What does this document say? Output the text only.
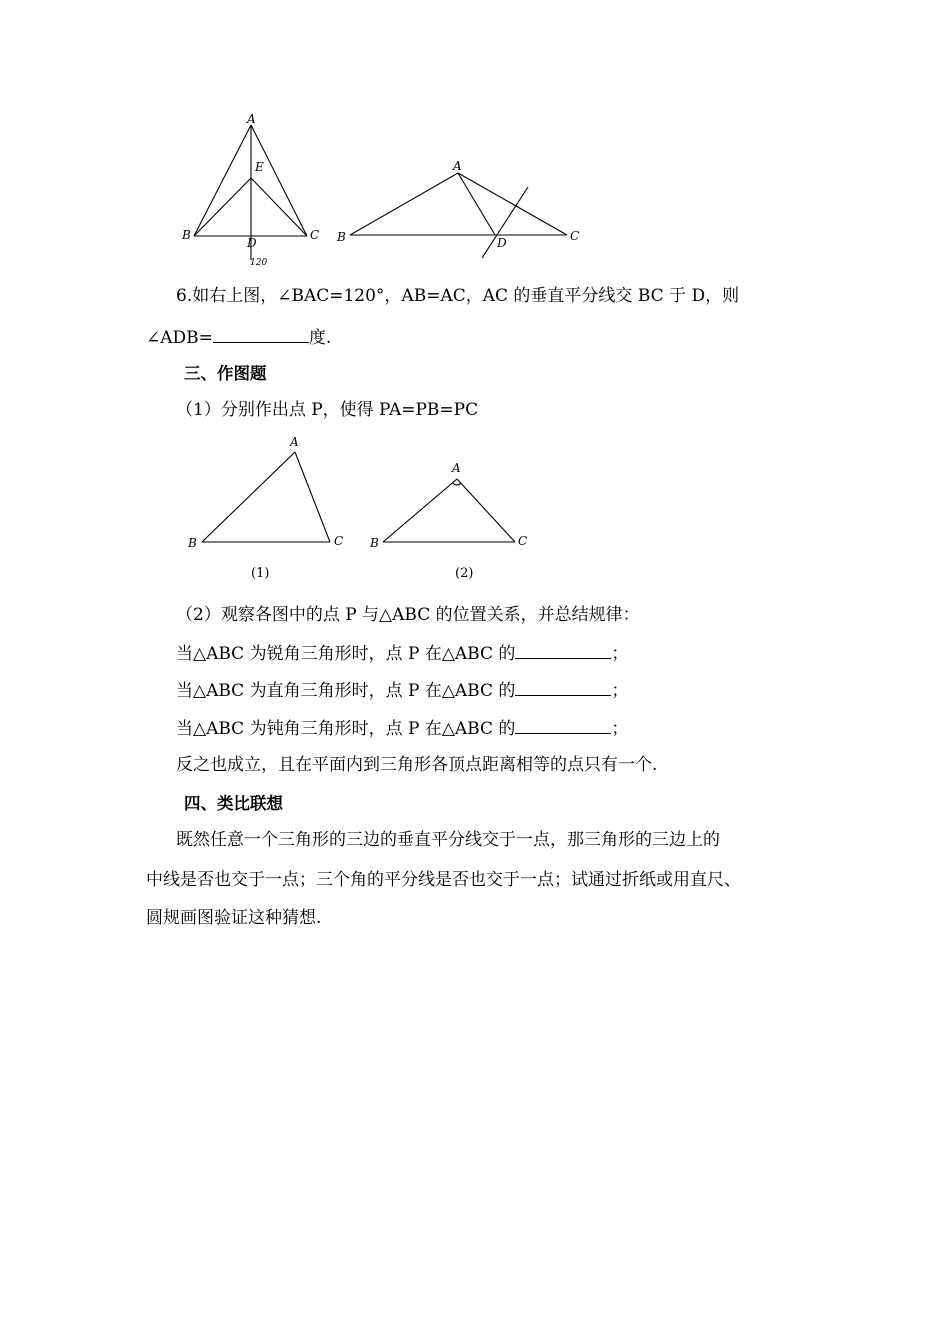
A
E
B	C
D
120
A
B	C
D
6.如右上图，∠BAC=120°，AB=AC，AC 的垂直平分线交 BC 于 D，则
∠ADB=	度.
三、作图题
（1）分别作出点 P，使得 PA=PB=PC
A
B	C
(1)
A
B	C
(2)
（2）观察各图中的点 P 与△ABC 的位置关系，并总结规律：
当△ABC 为锐角三角形时，点 P 在△ABC 的	；
当△ABC 为直角三角形时，点 P 在△ABC 的	；
当△ABC 为钝角三角形时，点 P 在△ABC 的	；
反之也成立，且在平面内到三角形各顶点距离相等的点只有一个.
四、类比联想
既然任意一个三角形的三边的垂直平分线交于一点，那三角形的三边上的
中线是否也交于一点；三个角的平分线是否也交于一点；试通过折纸或用直尺、
圆规画图验证这种猜想.
